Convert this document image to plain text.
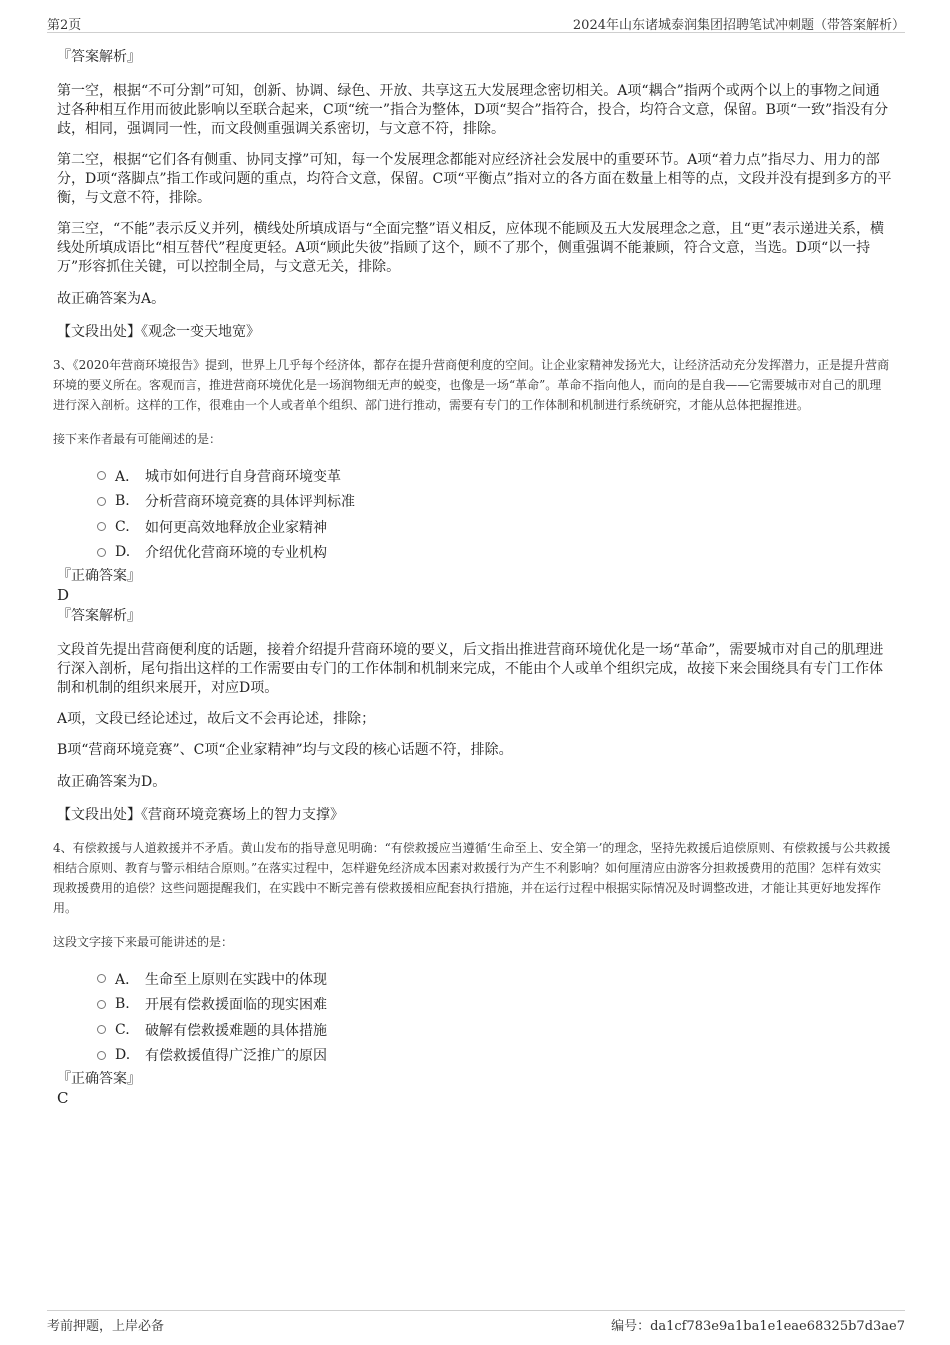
第2页	2024年山东诸城泰润集团招聘笔试冲刺题（带答案解析）

『答案解析』

第一空，根据“不可分割”可知，创新、协调、绿色、开放、共享这五大发展理念密切相关。A项“耦合”指两个或两个以上的事物之间通过各种相互作用而彼此影响以至联合起来，C项“统一”指合为整体，D项“契合”指符合，投合，均符合文意，保留。B项“一致”指没有分歧，相同，强调同一性，而文段侧重强调关系密切，与文意不符，排除。

第二空，根据“它们各有侧重、协同支撑”可知，每一个发展理念都能对应经济社会发展中的重要环节。A项“着力点”指尽力、用力的部分，D项“落脚点”指工作或问题的重点，均符合文意，保留。C项“平衡点”指对立的各方面在数量上相等的点，文段并没有提到多方的平衡，与文意不符，排除。

第三空，“不能”表示反义并列，横线处所填成语与“全面完整”语义相反，应体现不能顾及五大发展理念之意，且“更”表示递进关系，横线处所填成语比“相互替代”程度更轻。A项“顾此失彼”指顾了这个，顾不了那个，侧重强调不能兼顾，符合文意，当选。D项“以一持万”形容抓住关键，可以控制全局，与文意无关，排除。

故正确答案为A。

【文段出处】《观念一变天地宽》

3、《2020年营商环境报告》提到，世界上几乎每个经济体，都存在提升营商便利度的空间。让企业家精神发扬光大，让经济活动充分发挥潜力，正是提升营商环境的要义所在。客观而言，推进营商环境优化是一场润物细无声的蜕变，也像是一场“革命”。革命不指向他人，而向的是自我——它需要城市对自己的肌理进行深入剖析。这样的工作，很难由一个人或者单个组织、部门进行推动，需要有专门的工作体制和机制进行系统研究，才能从总体把握推进。

接下来作者最有可能阐述的是：

A． 城市如何进行自身营商环境变革
B.	分析营商环境竞赛的具体评判标准
C.	如何更高效地释放企业家精神
D.	介绍优化营商环境的专业机构

『正确答案』

D

『答案解析』

文段首先提出营商便利度的话题，接着介绍提升营商环境的要义，后文指出推进营商环境优化是一场“革命”，需要城市对自己的肌理进行深入剖析，尾句指出这样的工作需要由专门的工作体制和机制来完成，不能由个人或单个组织完成，故接下来会围绕具有专门工作体制和机制的组织来展开，对应D项。

A项，文段已经论述过，故后文不会再论述，排除；

B项“营商环境竞赛”、C项“企业家精神”均与文段的核心话题不符，排除。

故正确答案为D。

【文段出处】《营商环境竞赛场上的智力支撑》

4、有偿救援与人道救援并不矛盾。黄山发布的指导意见明确：“有偿救援应当遵循‘生命至上、安全第一’的理念，坚持先救援后追偿原则、有偿救援与公共救援相结合原则、教育与警示相结合原则。”在落实过程中，怎样避免经济成本因素对救援行为产生不利影响？如何厘清应由游客分担救援费用的范围？怎样有效实现救援费用的追偿？这些问题提醒我们，在实践中不断完善有偿救援相应配套执行措施，并在运行过程中根据实际情况及时调整改进，才能让其更好地发挥作用。

这段文字接下来最可能讲述的是：

A． 生命至上原则在实践中的体现
B.	开展有偿救援面临的现实困难
C.	破解有偿救援难题的具体措施
D.	有偿救援值得广泛推广的原因

『正确答案』

C

考前押题，上岸必备	编号：da1cf783e9a1ba1e1eae68325b7d3ae7
